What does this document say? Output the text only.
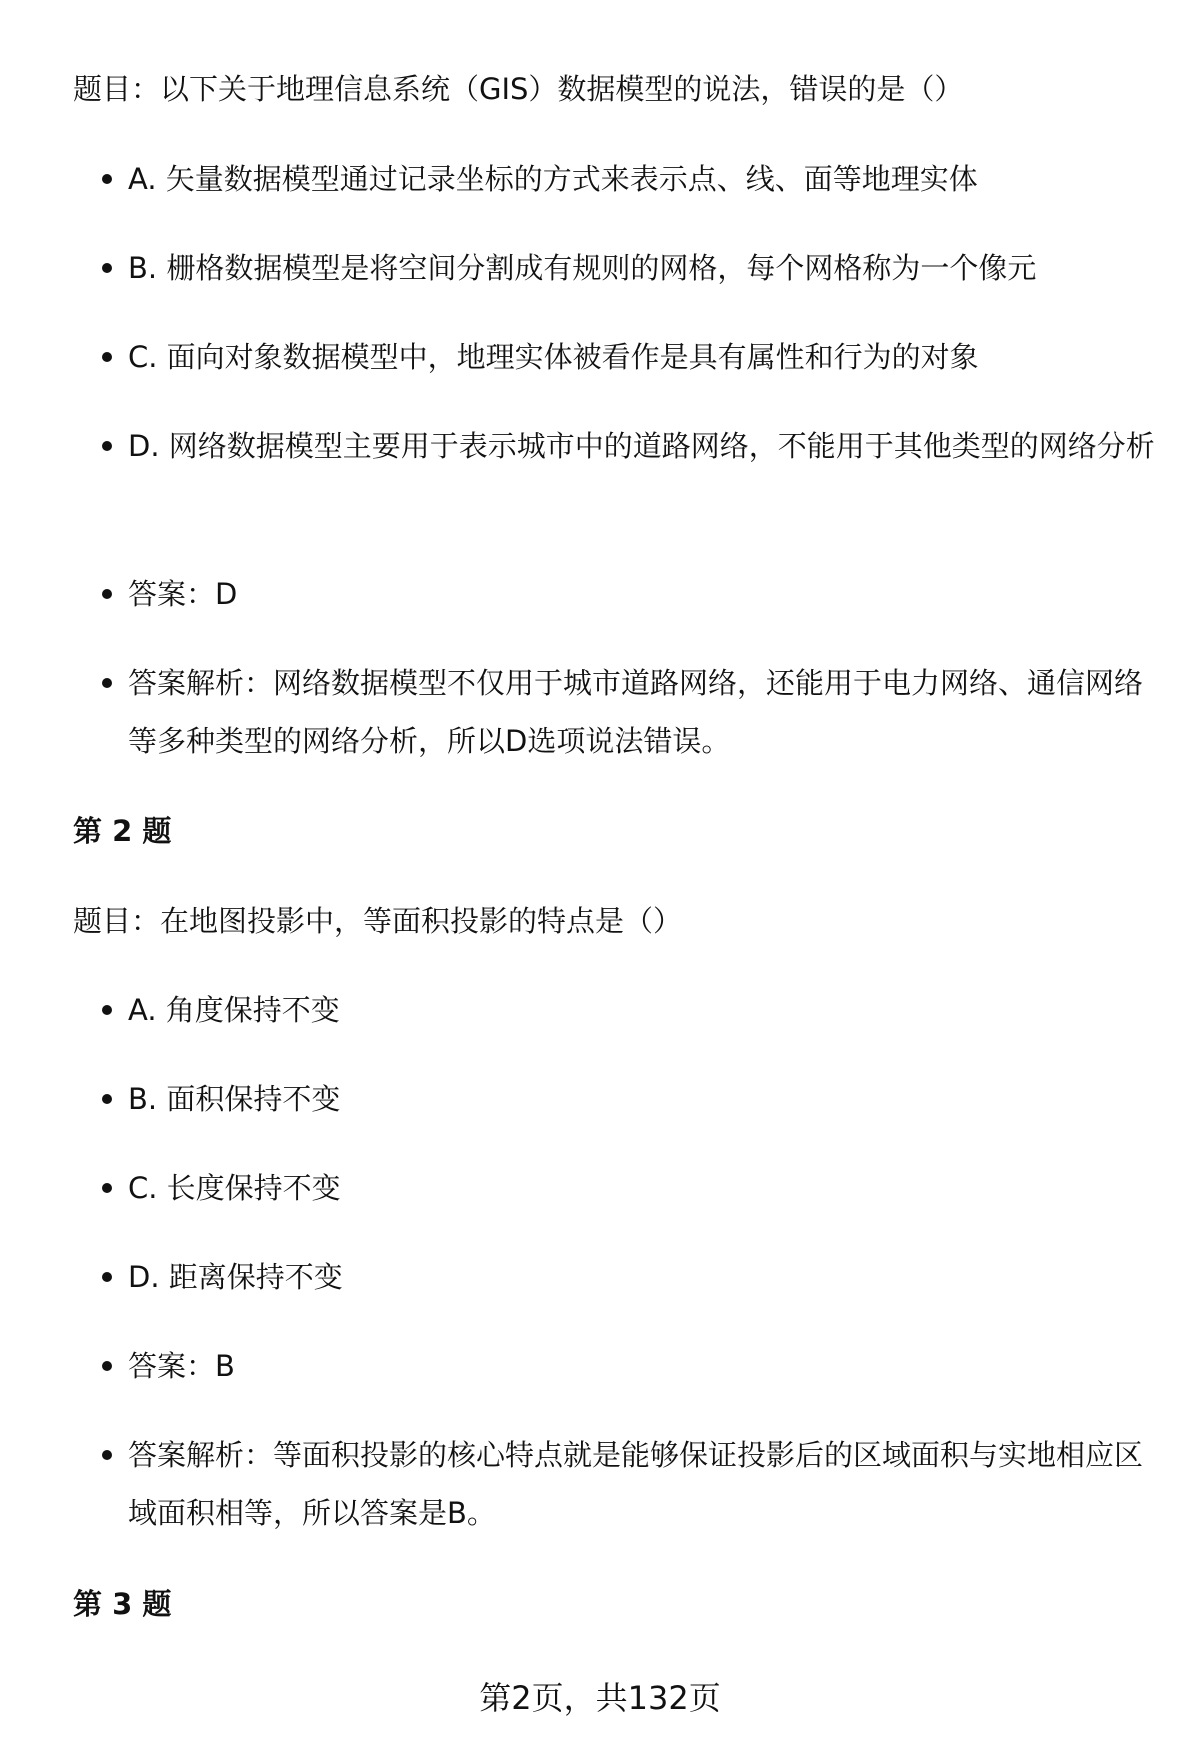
题目：以下关于地理信息系统（GIS）数据模型的说法，错误的是（）
A. 矢量数据模型通过记录坐标的方式来表示点、线、面等地理实体
B. 栅格数据模型是将空间分割成有规则的网格，每个网格称为一个像元
C. 面向对象数据模型中，地理实体被看作是具有属性和行为的对象
D. 网络数据模型主要用于表示城市中的道路网络，不能用于其他类型的网络分析
答案：D
答案解析：网络数据模型不仅用于城市道路网络，还能用于电力网络、通信网络等多种类型的网络分析，所以D选项说法错误。
第 2 题
题目：在地图投影中，等面积投影的特点是（）
A. 角度保持不变
B. 面积保持不变
C. 长度保持不变
D. 距离保持不变
答案：B
答案解析：等面积投影的核心特点就是能够保证投影后的区域面积与实地相应区域面积相等，所以答案是B。
第 3 题
第2页，共132页
